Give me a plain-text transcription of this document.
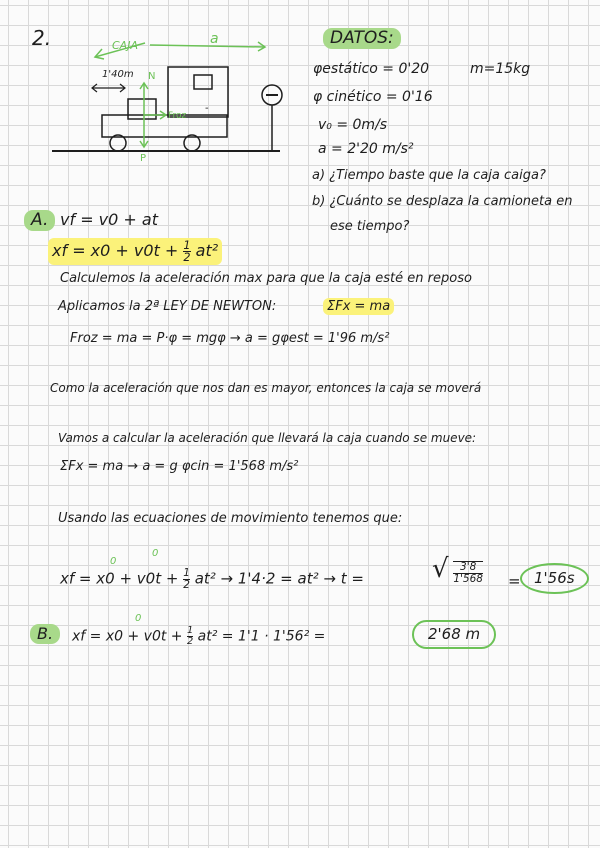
2.	CAJA	a
1'40m
-
N
Froz
P
DATOS:
φestático = 0'20	m=15kg
φ cinético = 0'16
v₀ = 0m/s
a = 2'20 m/s²
a) ¿Tiempo baste que la caja caiga?
b) ¿Cuánto se desplaza la camioneta en
ese tiempo?
A. vf = v0 + at
xf = $x0 + v0t + \frac{1}{2} at^2$
Calculemos la aceleración max para que la caja esté en reposo
Aplicamos la 2ª LEY DE NEWTON:	ΣFx = ma
Froz = ma = P·φ = mgφ → a = gφest = 1'96 m/s²
Como la aceleración que nos dan es mayor, entonces la caja se moverá
Vamos a calcular la aceleración que llevará la caja cuando se mueve:
ΣFx = ma → a = g φcin = 1'568 m/s²
Usando las ecuaciones de movimiento tenemos que:
0
0
xf = $x0 + v0t + \frac{1}{2} at^2 \to 1'4\cdot 2 = at^2 \to t$ =	√ $\frac{3'8}{1'568} = 1'56s$
B.
0
xf = $x0 + v0t + \frac{1}{2} at^2 = 1'1 \cdot 1'56^2$ =	2'68 m
